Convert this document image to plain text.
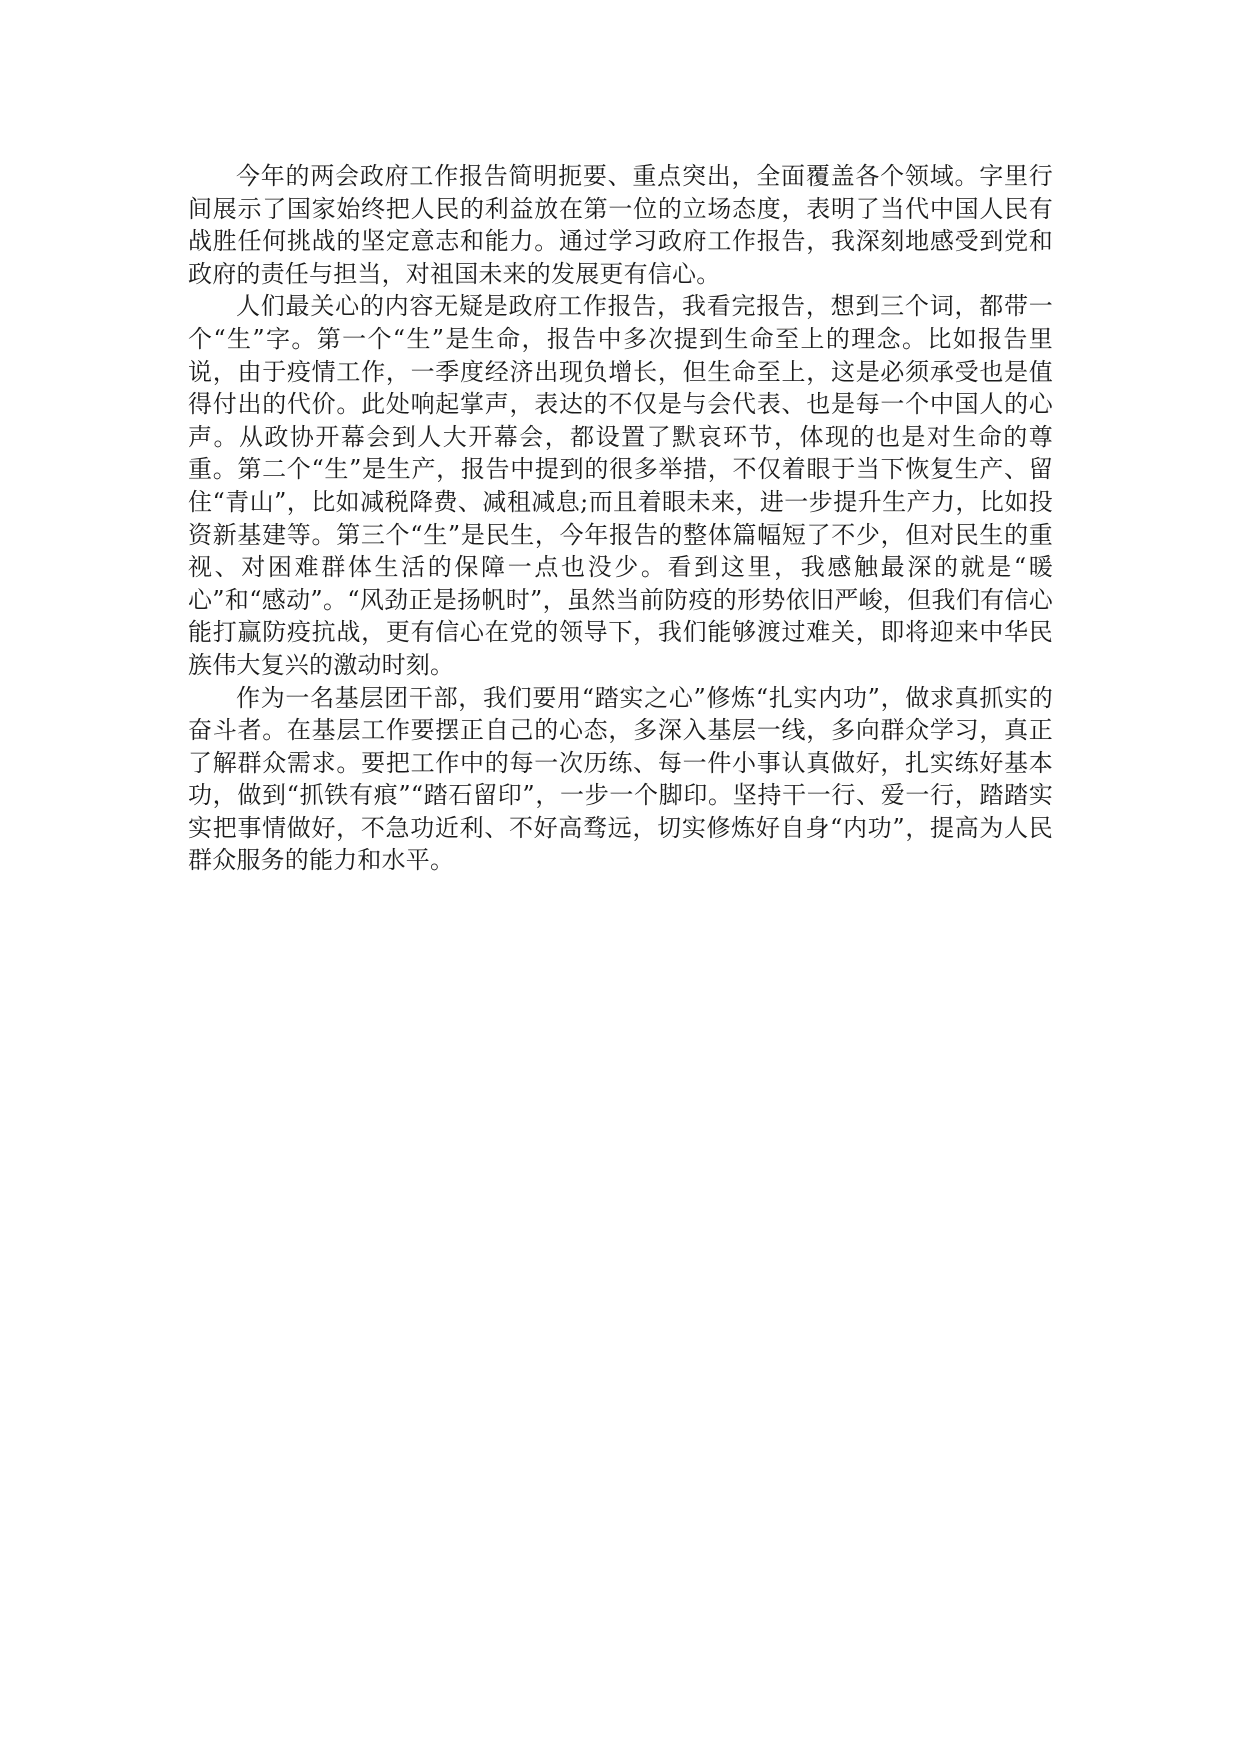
今年的两会政府工作报告简明扼要、重点突出，全面覆盖各个领域。字里行间展示了国家始终把人民的利益放在第一位的立场态度，表明了当代中国人民有战胜任何挑战的坚定意志和能力。通过学习政府工作报告，我深刻地感受到党和政府的责任与担当，对祖国未来的发展更有信心。

人们最关心的内容无疑是政府工作报告，我看完报告，想到三个词，都带一个“生”字。第一个“生”是生命，报告中多次提到生命至上的理念。比如报告里说，由于疫情工作，一季度经济出现负增长，但生命至上，这是必须承受也是值得付出的代价。此处响起掌声，表达的不仅是与会代表、也是每一个中国人的心声。从政协开幕会到人大开幕会，都设置了默哀环节，体现的也是对生命的尊重。第二个“生”是生产，报告中提到的很多举措，不仅着眼于当下恢复生产、留住“青山”，比如减税降费、减租减息;而且着眼未来，进一步提升生产力，比如投资新基建等。第三个“生”是民生，今年报告的整体篇幅短了不少，但对民生的重视、对困难群体生活的保障一点也没少。看到这里，我感触最深的就是“暖心”和“感动”。“风劲正是扬帆时”，虽然当前防疫的形势依旧严峻，但我们有信心能打赢防疫抗战，更有信心在党的领导下，我们能够渡过难关，即将迎来中华民族伟大复兴的激动时刻。

作为一名基层团干部，我们要用“踏实之心”修炼“扎实内功”，做求真抓实的奋斗者。在基层工作要摆正自己的心态，多深入基层一线，多向群众学习，真正了解群众需求。要把工作中的每一次历练、每一件小事认真做好，扎实练好基本功，做到“抓铁有痕”“踏石留印”，一步一个脚印。坚持干一行、爱一行，踏踏实实把事情做好，不急功近利、不好高骛远，切实修炼好自身“内功”，提高为人民群众服务的能力和水平。
